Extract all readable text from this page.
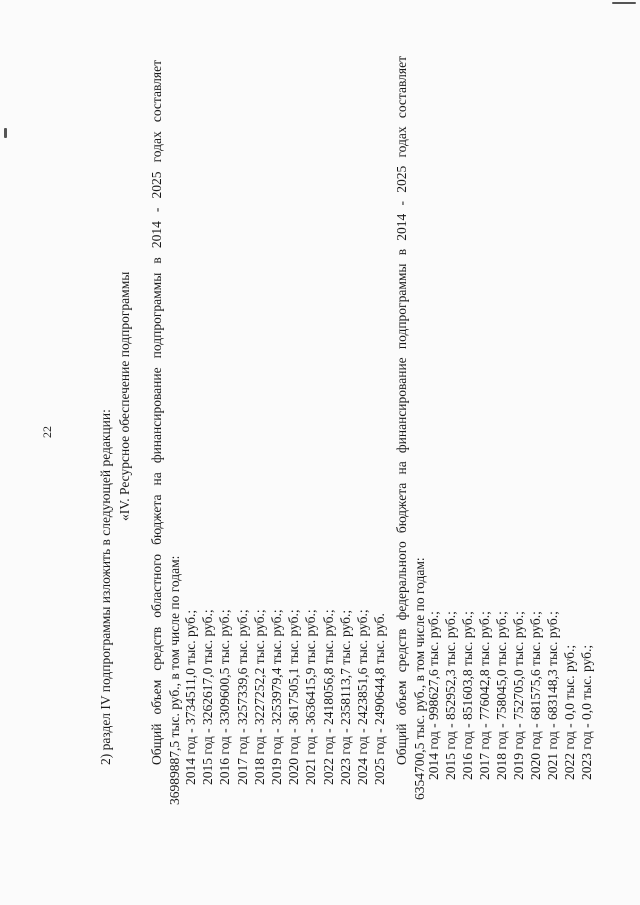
22	2) раздел IV подпрограммы изложить в следующей редакции:
«IV. Ресурсное обеспечение подпрограммы Общий объем средств областного бюджета на финансирование подпрограммы в 2014 - 2025 годах составляет 36989887,5 тыс. руб., в том числе по годам: 2014 год - 3734511,0 тыс. руб.; 2015 год - 3262617,0 тыс. руб.; 2016 год - 3309600,5 тыс. руб.; 2017 год - 3257339,6 тыс. руб.; 2018 год - 3227252,2 тыс. руб.; 2019 год - 3253979,4 тыс. руб.; 2020 год - 3617505,1 тыс. руб.; 2021 год - 3636415,9 тыс. руб.; 2022 год - 2418056,8 тыс. руб.; 2023 год - 2358113,7 тыс. руб.; 2024 год - 2423851,6 тыс. руб.; 2025 год - 2490644,8 тыс. руб. Общий объем средств федерального бюджета на финансирование подпрограммы в 2014 - 2025 годах составляет 6354700,5 тыс. руб., в том числе по годам: 2014 год - 998627,6 тыс. руб.; 2015 год - 852952,3 тыс. руб.; 2016 год - 851603,8 тыс. руб.; 2017 год - 776042,8 тыс. руб.; 2018 год - 758045,0 тыс. руб.; 2019 год - 752705,0 тыс. руб.; 2020 год - 681575,6 тыс. руб.; 2021 год - 683148,3 тыс. руб.; 2022 год - 0,0 тыс. руб.; 2023 год - 0,0 тыс. руб.;
